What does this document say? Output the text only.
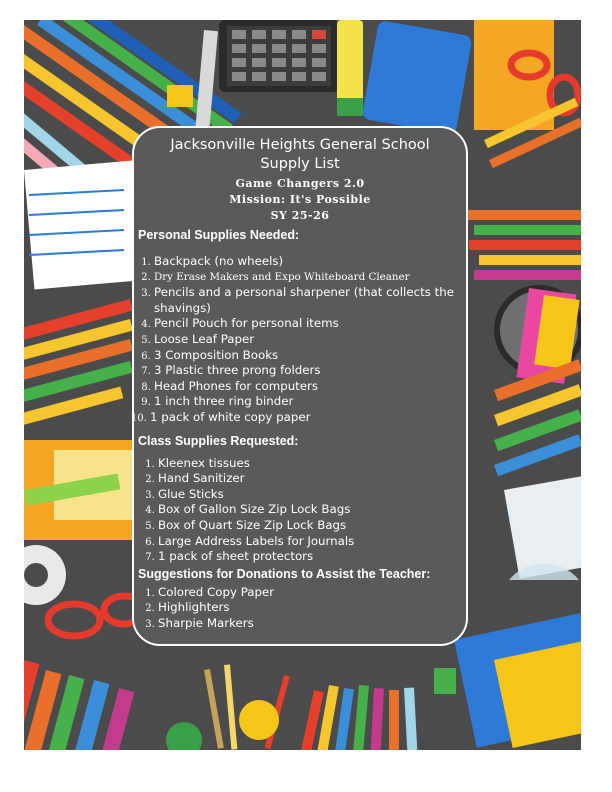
Jacksonville Heights General School
Supply List
Game Changers 2.0
Mission: It's Possible
SY 25-26
Personal Supplies Needed:
1. Backpack (no wheels)
2. Dry Erase Makers and Expo Whiteboard Cleaner
3. Pencils and a personal sharpener (that collects the shavings)
4. Pencil Pouch for personal items
5. Loose Leaf Paper
6. 3 Composition Books
7. 3 Plastic three prong folders
8. Head Phones for computers
9. 1 inch three ring binder
10. 1 pack of white copy paper
Class Supplies Requested:
1. Kleenex tissues
2. Hand Sanitizer
3. Glue Sticks
4. Box of Gallon Size Zip Lock Bags
5. Box of Quart Size Zip Lock Bags
6. Large Address Labels for Journals
7. 1 pack of sheet protectors
Suggestions for Donations to Assist the Teacher:
1. Colored Copy Paper
2. Highlighters
3. Sharpie Markers
